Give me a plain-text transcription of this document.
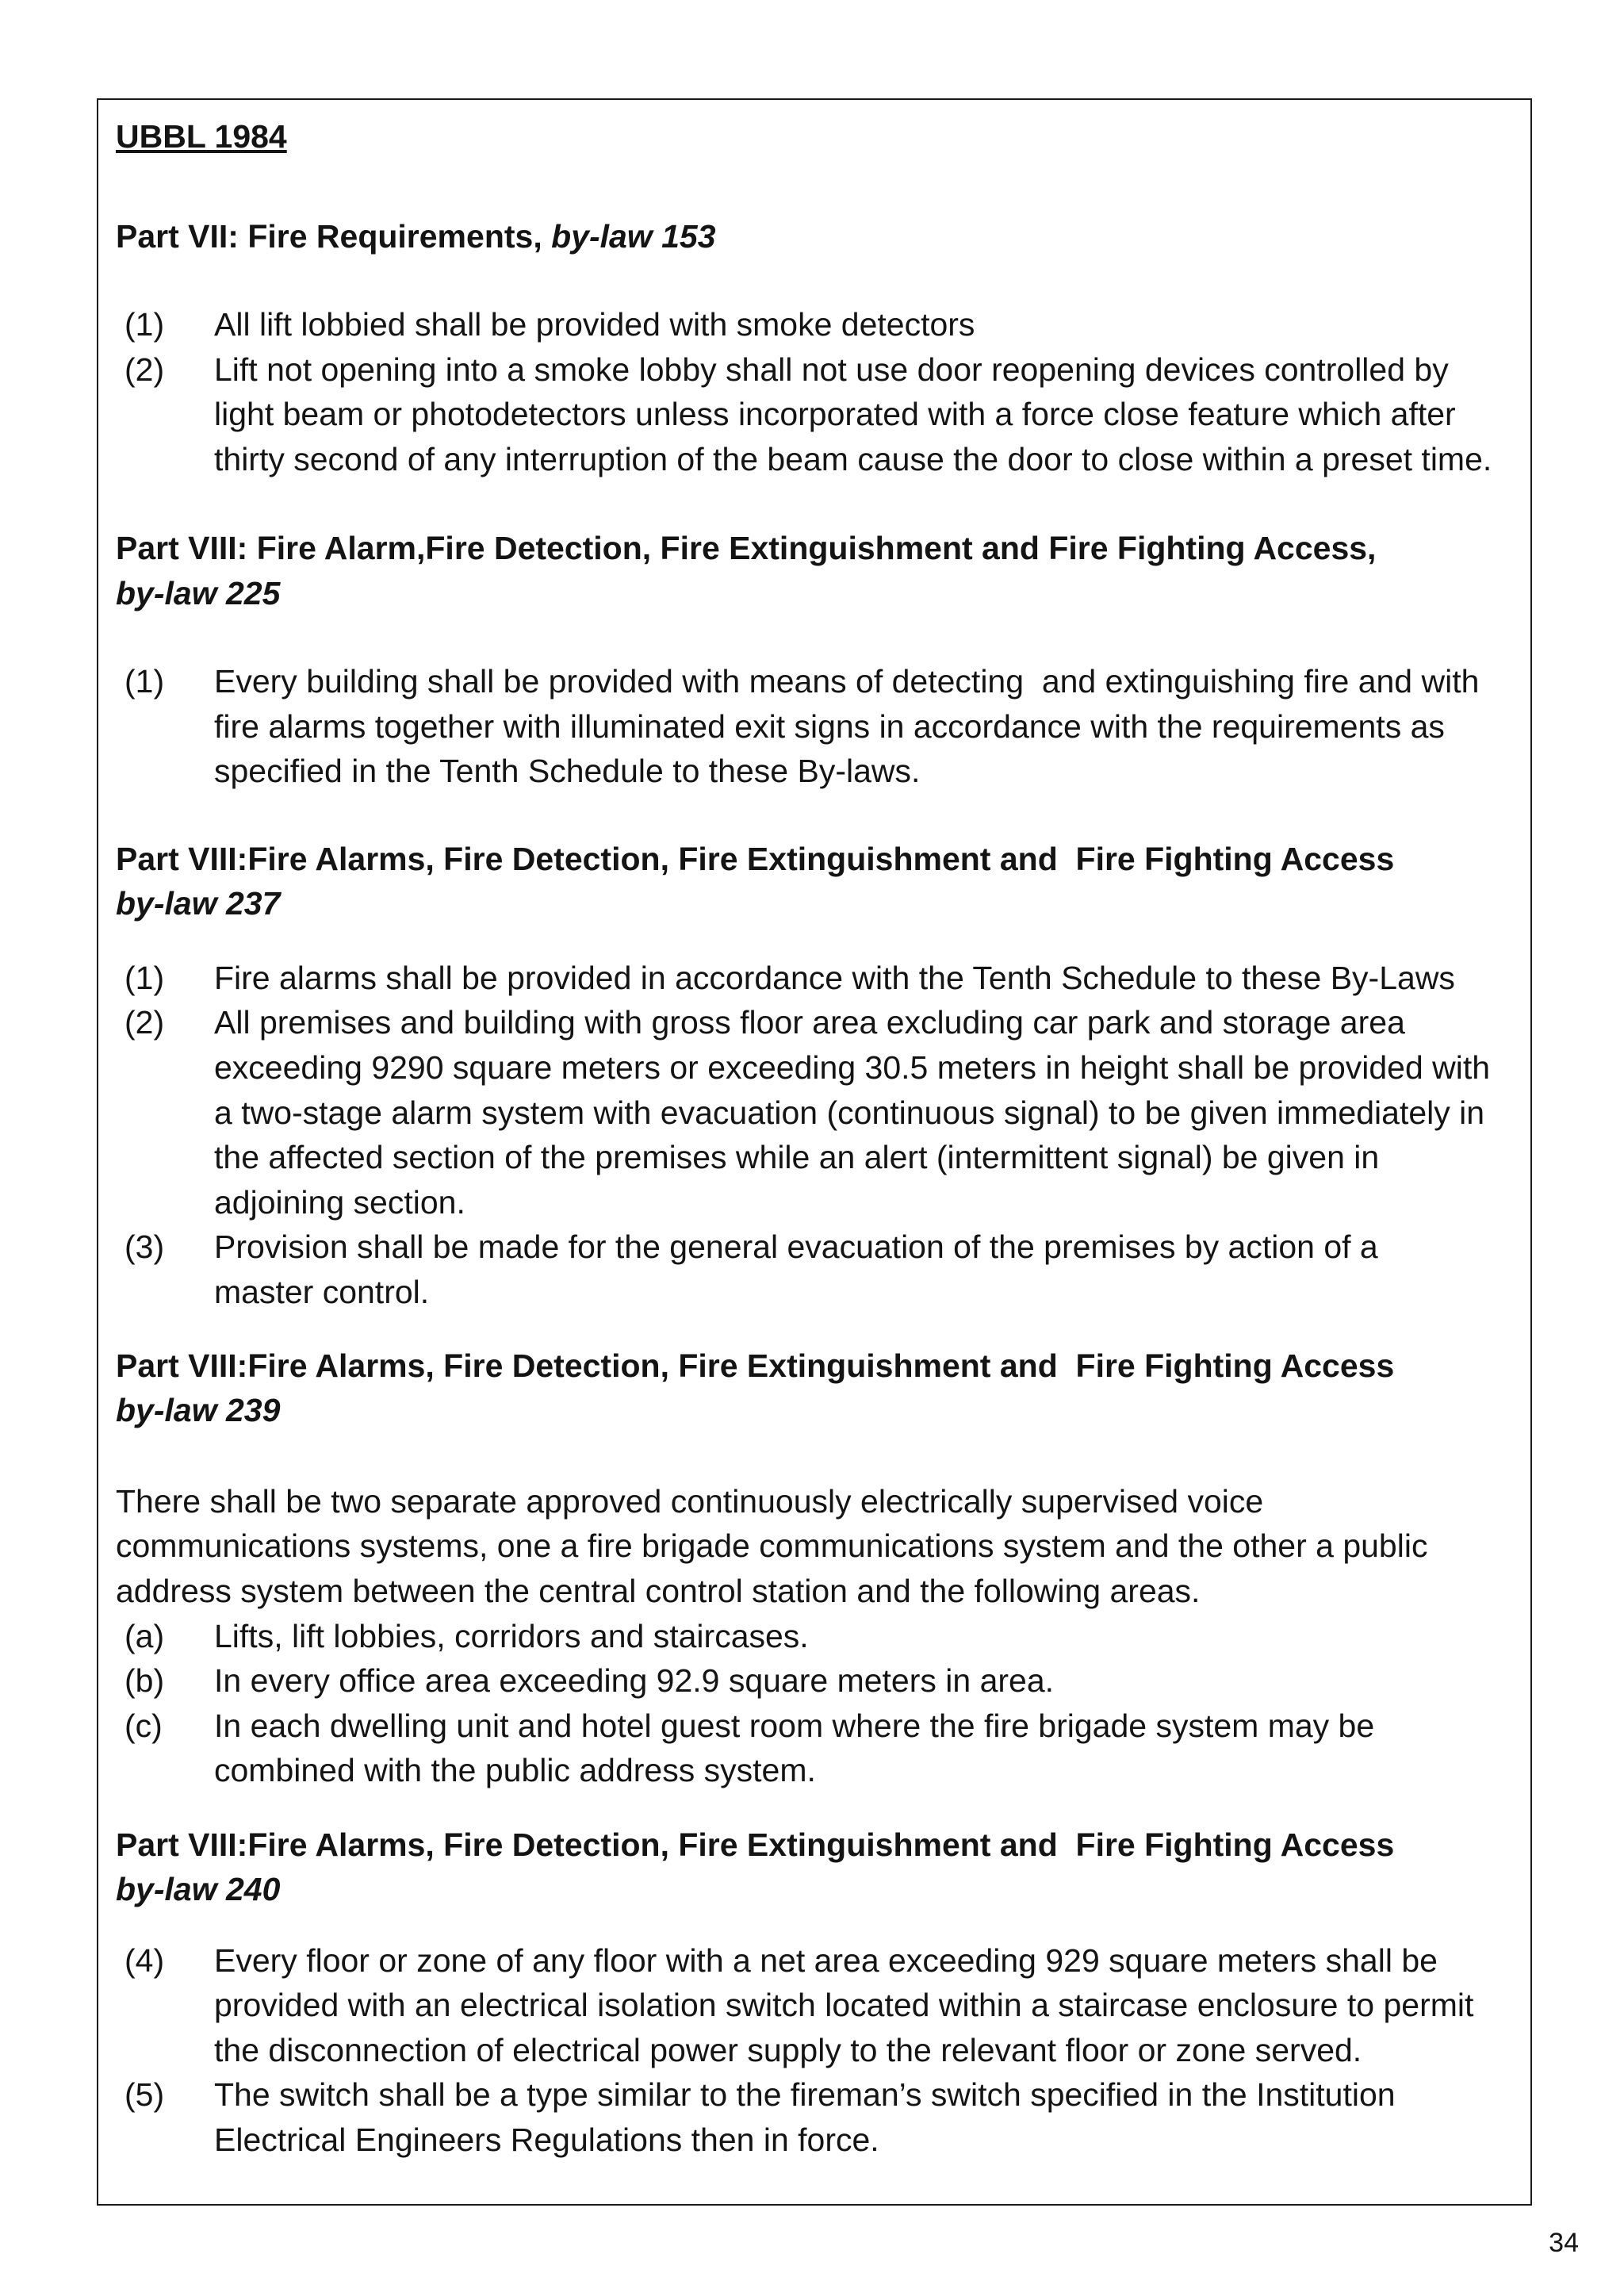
UBBL 1984
Part VII: Fire Requirements, by-law 153
(1)	All lift lobbied shall be provided with smoke detectors
(2)	Lift not opening into a smoke lobby shall not use door reopening devices controlled by
light beam or photodetectors unless incorporated with a force close feature which after
thirty second of any interruption of the beam cause the door to close within a preset time.
Part VIII: Fire Alarm,Fire Detection, Fire Extinguishment and Fire Fighting Access,
by-law 225
(1)	Every building shall be provided with means of detecting  and extinguishing fire and with
fire alarms together with illuminated exit signs in accordance with the requirements as
specified in the Tenth Schedule to these By-laws.
Part VIII:Fire Alarms, Fire Detection, Fire Extinguishment and  Fire Fighting Access
by-law 237
(1)	Fire alarms shall be provided in accordance with the Tenth Schedule to these By-Laws
(2)	All premises and building with gross floor area excluding car park and storage area
exceeding 9290 square meters or exceeding 30.5 meters in height shall be provided with
a two-stage alarm system with evacuation (continuous signal) to be given immediately in
the affected section of the premises while an alert (intermittent signal) be given in
adjoining section.
(3)	Provision shall be made for the general evacuation of the premises by action of a
master control.
Part VIII:Fire Alarms, Fire Detection, Fire Extinguishment and  Fire Fighting Access
by-law 239
There shall be two separate approved continuously electrically supervised voice
communications systems, one a fire brigade communications system and the other a public
address system between the central control station and the following areas.
(a)	Lifts, lift lobbies, corridors and staircases.
(b)	In every office area exceeding 92.9 square meters in area.
(c)	In each dwelling unit and hotel guest room where the fire brigade system may be
combined with the public address system.
Part VIII:Fire Alarms, Fire Detection, Fire Extinguishment and  Fire Fighting Access
by-law 240
(4)	Every floor or zone of any floor with a net area exceeding 929 square meters shall be
provided with an electrical isolation switch located within a staircase enclosure to permit
the disconnection of electrical power supply to the relevant floor or zone served.
(5)	The switch shall be a type similar to the fireman’s switch specified in the Institution
Electrical Engineers Regulations then in force.
34
